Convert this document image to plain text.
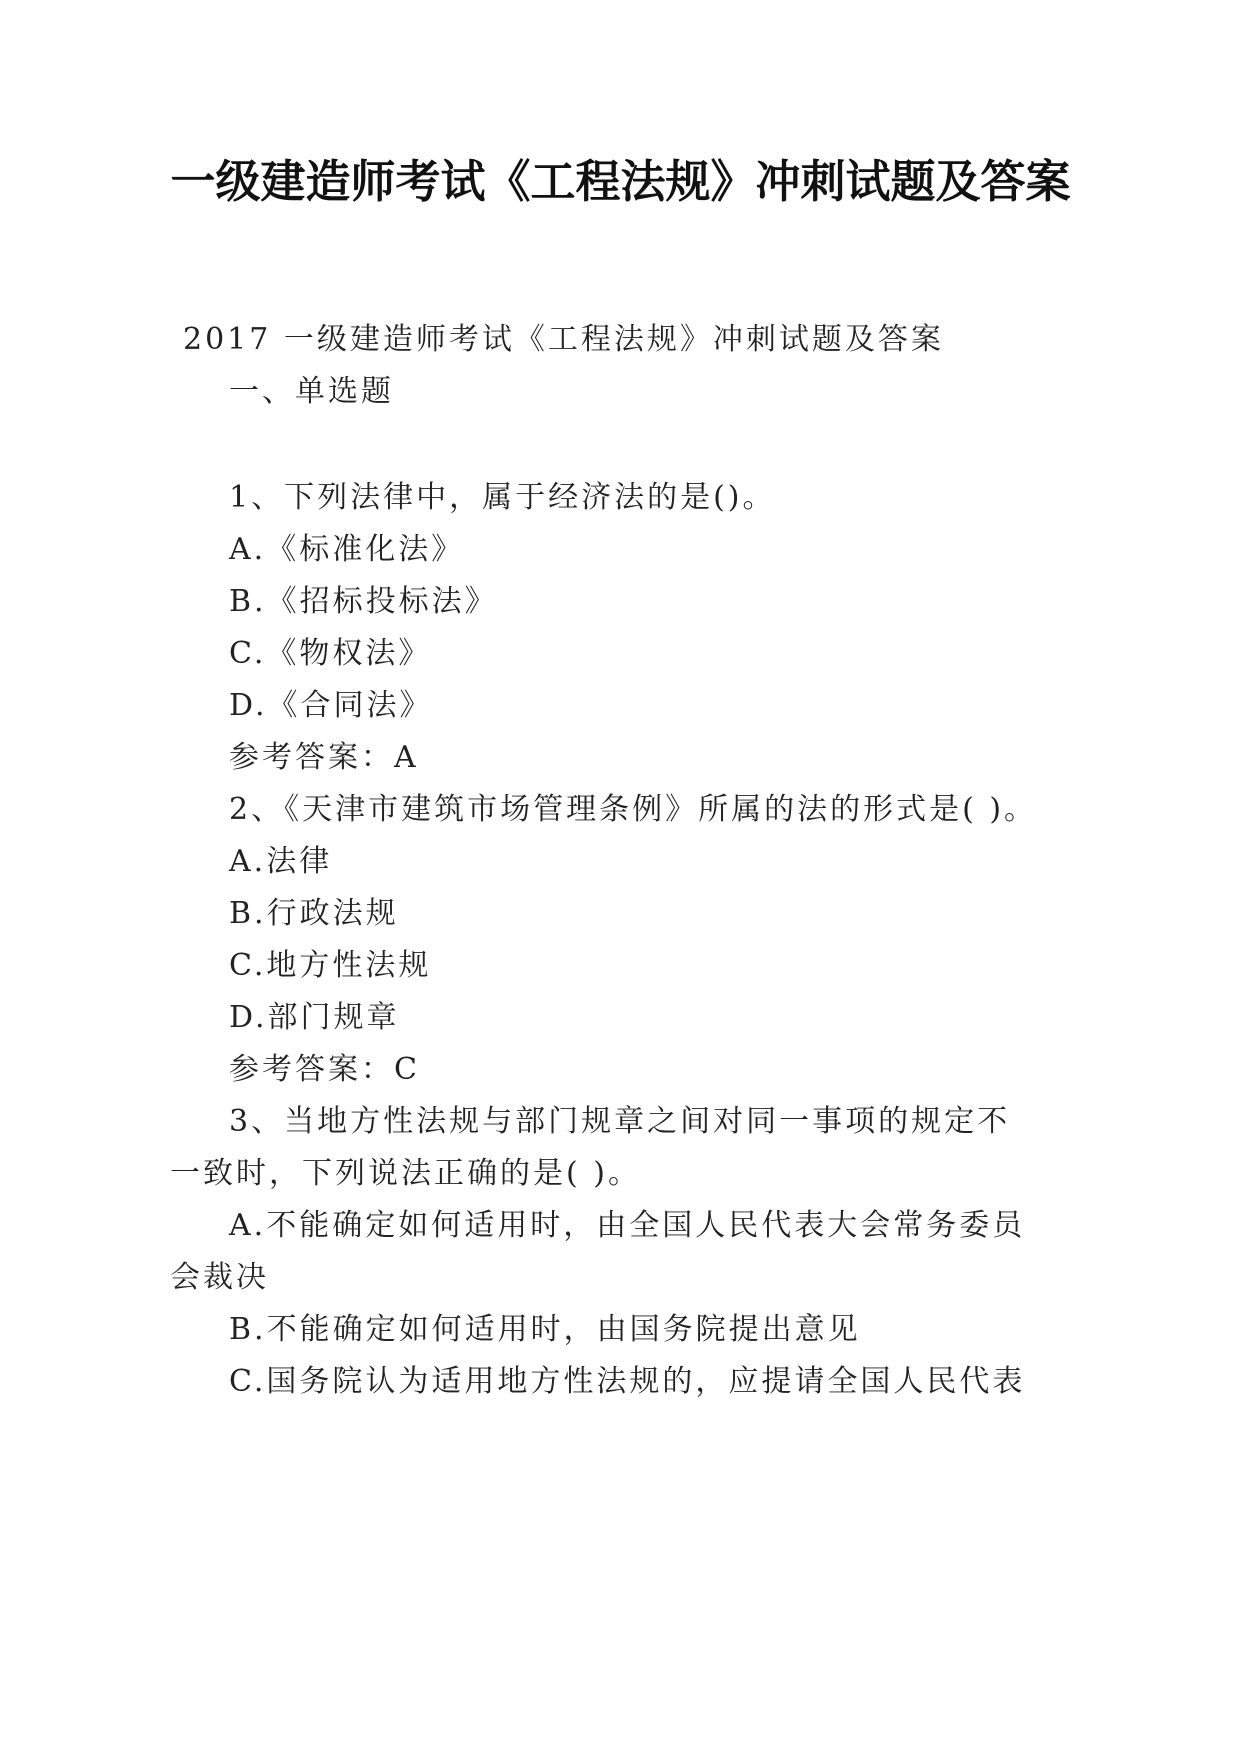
一级建造师考试《工程法规》冲刺试题及答案
2017 一级建造师考试《工程法规》冲刺试题及答案
一、单选题
1、下列法律中，属于经济法的是()。
A.《标准化法》
B.《招标投标法》
C.《物权法》
D.《合同法》
参考答案：A
2、《天津市建筑市场管理条例》所属的法的形式是( )。
A.法律
B.行政法规
C.地方性法规
D.部门规章
参考答案：C
3、当地方性法规与部门规章之间对同一事项的规定不
一致时，下列说法正确的是( )。
A.不能确定如何适用时，由全国人民代表大会常务委员
会裁决
B.不能确定如何适用时，由国务院提出意见
C.国务院认为适用地方性法规的，应提请全国人民代表
